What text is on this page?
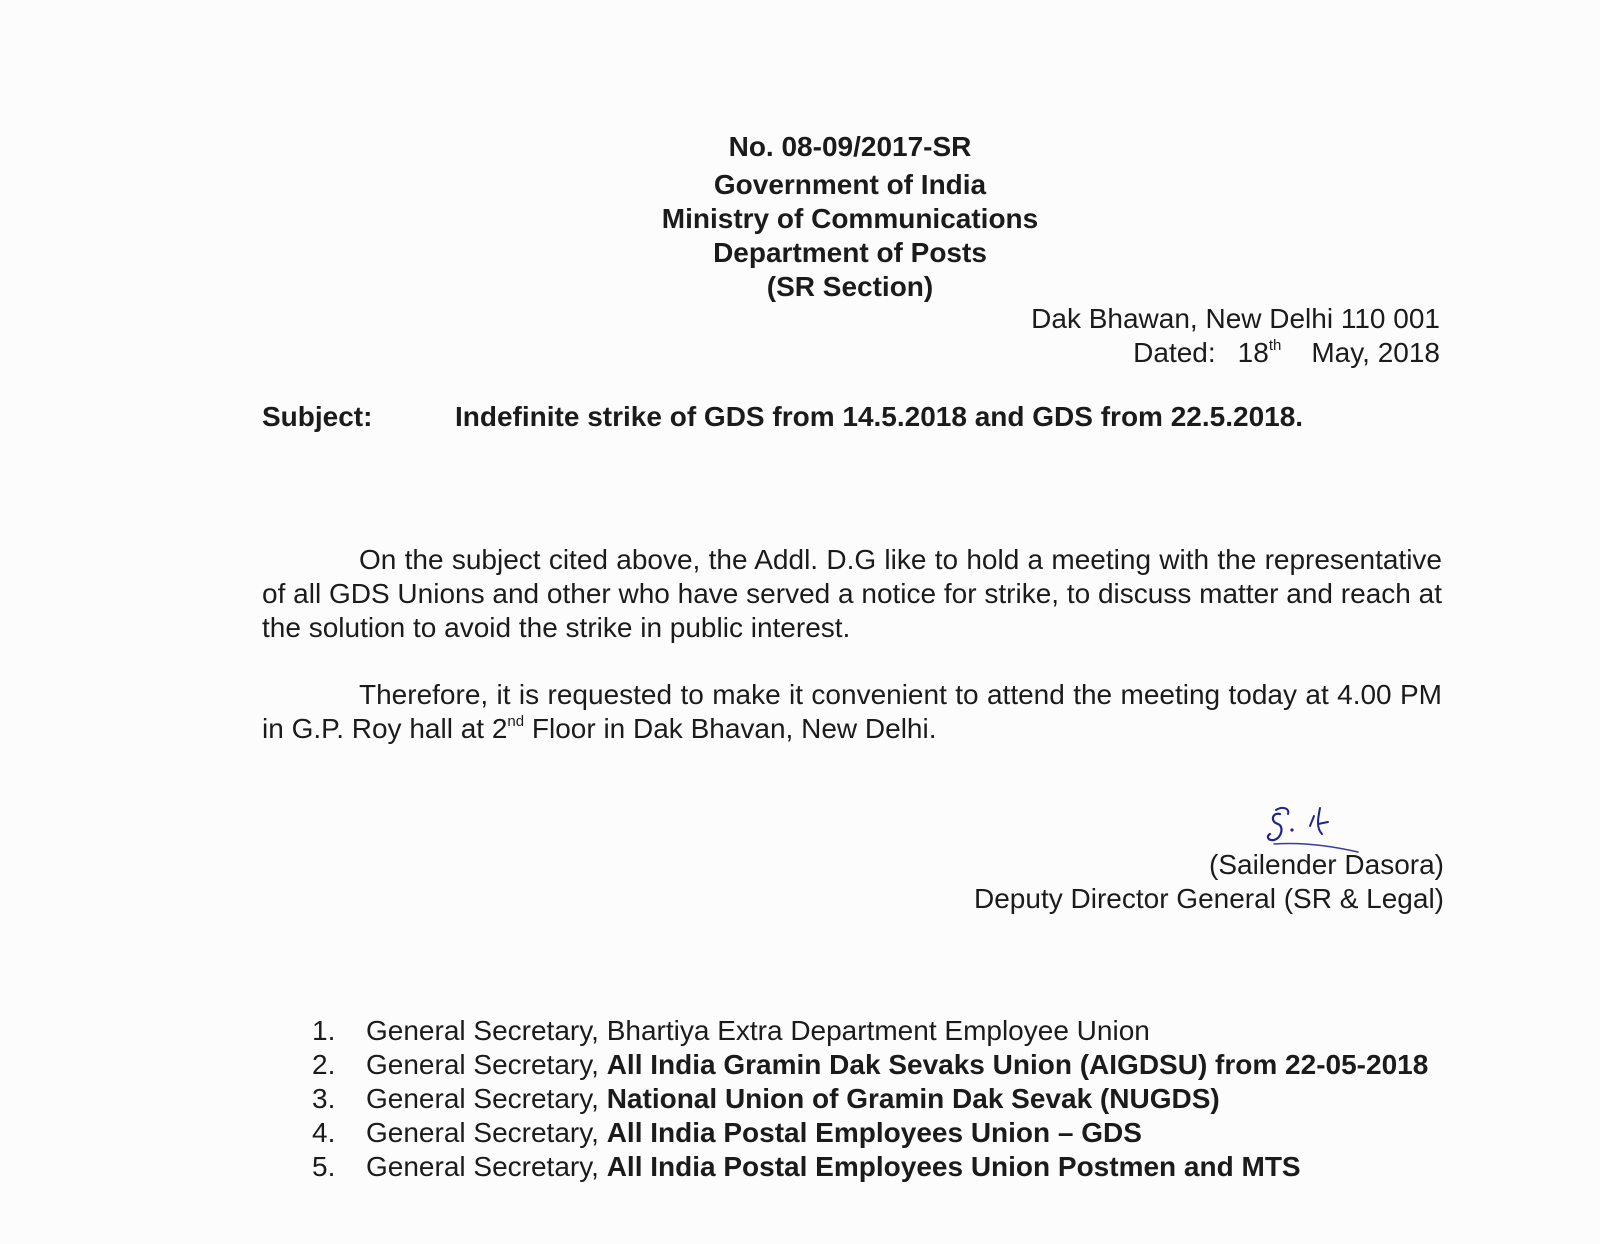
No. 08-09/2017-SR
Government of India
Ministry of Communications
Department of Posts
(SR Section)
Dak Bhawan, New Delhi 110 001
Dated: 18th May, 2018
Subject:	Indefinite strike of GDS from 14.5.2018 and GDS from 22.5.2018.

On the subject cited above, the Addl. D.G like to hold a meeting with the representative of all GDS Unions and other who have served a notice for strike, to discuss matter and reach at the solution to avoid the strike in public interest.

Therefore, it is requested to make it convenient to attend the meeting today at 4.00 PM in G.P. Roy hall at 2nd Floor in Dak Bhavan, New Delhi.

(Sailender Dasora)
Deputy Director General (SR & Legal)
1. General Secretary, Bhartiya Extra Department Employee Union
2. General Secretary, All India Gramin Dak Sevaks Union (AIGDSU) from 22-05-2018
3. General Secretary, National Union of Gramin Dak Sevak (NUGDS)
4. General Secretary, All India Postal Employees Union – GDS
5. General Secretary, All India Postal Employees Union Postmen and MTS
